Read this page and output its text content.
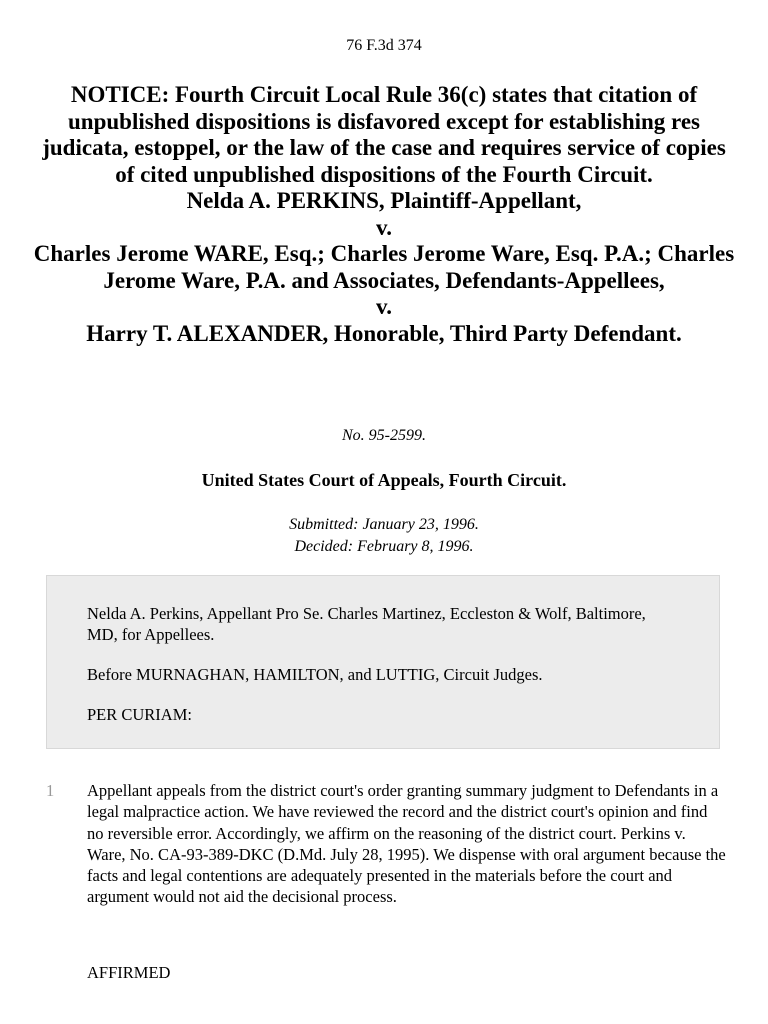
76 F.3d 374
NOTICE: Fourth Circuit Local Rule 36(c) states that citation of unpublished dispositions is disfavored except for establishing res judicata, estoppel, or the law of the case and requires service of copies of cited unpublished dispositions of the Fourth Circuit.
Nelda A. PERKINS, Plaintiff-Appellant,
v.
Charles Jerome WARE, Esq.; Charles Jerome Ware, Esq. P.A.; Charles Jerome Ware, P.A. and Associates, Defendants-Appellees,
v.
Harry T. ALEXANDER, Honorable, Third Party Defendant.
No. 95-2599.
United States Court of Appeals, Fourth Circuit.
Submitted: January 23, 1996.
Decided: February 8, 1996.

Nelda A. Perkins, Appellant Pro Se. Charles Martinez, Eccleston & Wolf, Baltimore, MD, for Appellees.

Before MURNAGHAN, HAMILTON, and LUTTIG, Circuit Judges.

PER CURIAM:

1 Appellant appeals from the district court's order granting summary judgment to Defendants in a legal malpractice action. We have reviewed the record and the district court's opinion and find no reversible error. Accordingly, we affirm on the reasoning of the district court. Perkins v. Ware, No. CA-93-389-DKC (D.Md. July 28, 1995). We dispense with oral argument because the facts and legal contentions are adequately presented in the materials before the court and argument would not aid the decisional process.
AFFIRMED
